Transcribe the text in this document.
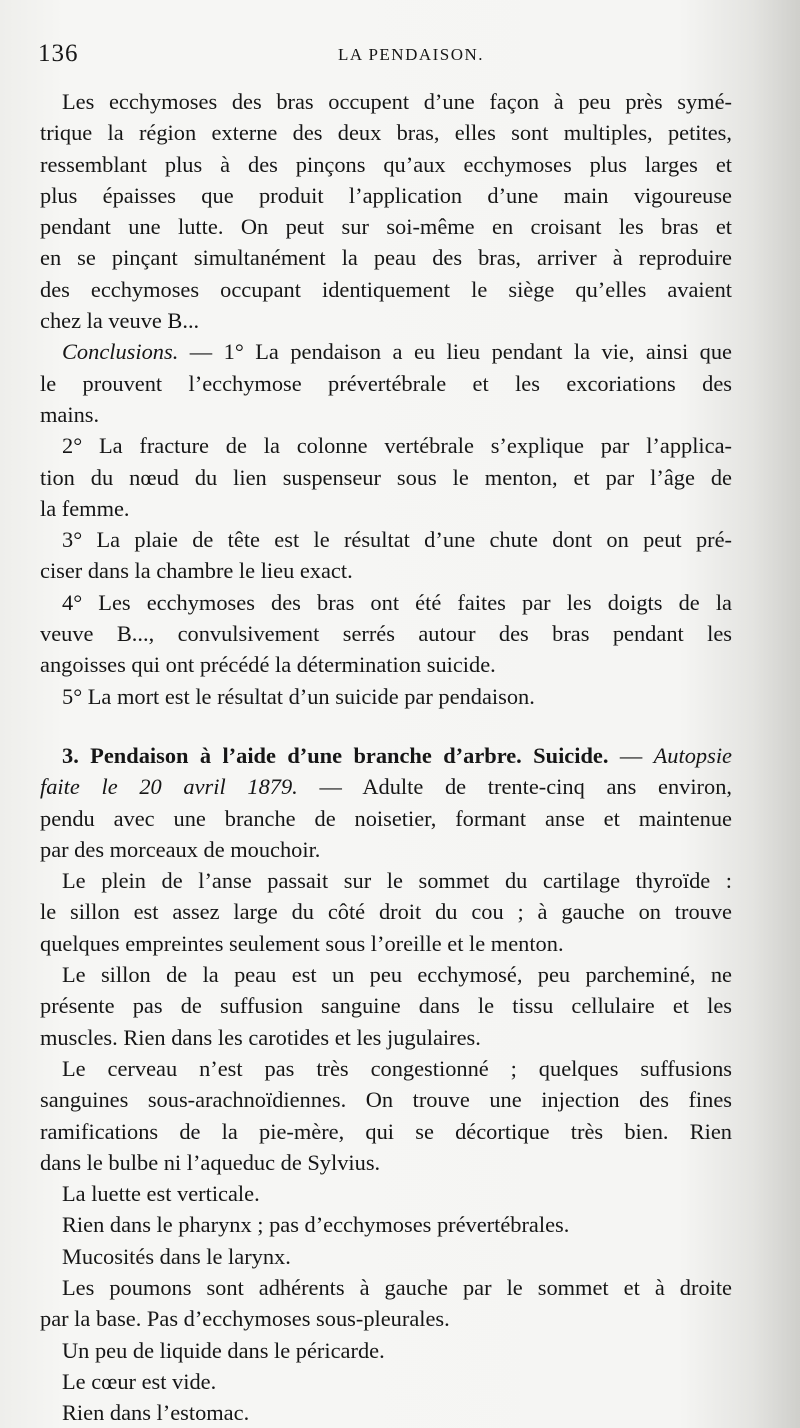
136	LA PENDAISON.
Les ecchymoses des bras occupent d’une façon à peu près symé-
trique la région externe des deux bras, elles sont multiples, petites,
ressemblant plus à des pinçons qu’aux ecchymoses plus larges et
plus épaisses que produit l’application d’une main vigoureuse
pendant une lutte. On peut sur soi-même en croisant les bras et
en se pinçant simultanément la peau des bras, arriver à reproduire
des ecchymoses occupant identiquement le siège qu’elles avaient
chez la veuve B...
Conclusions. — 1° La pendaison a eu lieu pendant la vie, ainsi que
le prouvent l’ecchymose prévertébrale et les excoriations des
mains.
2° La fracture de la colonne vertébrale s’explique par l’applica-
tion du nœud du lien suspenseur sous le menton, et par l’âge de
la femme.
3° La plaie de tête est le résultat d’une chute dont on peut pré-
ciser dans la chambre le lieu exact.
4° Les ecchymoses des bras ont été faites par les doigts de la
veuve B..., convulsivement serrés autour des bras pendant les
angoisses qui ont précédé la détermination suicide.
5° La mort est le résultat d’un suicide par pendaison.
3. Pendaison à l’aide d’une branche d’arbre. Suicide. — Autopsie
faite le 20 avril 1879. — Adulte de trente-cinq ans environ,
pendu avec une branche de noisetier, formant anse et maintenue
par des morceaux de mouchoir.
Le plein de l’anse passait sur le sommet du cartilage thyroïde :
le sillon est assez large du côté droit du cou ; à gauche on trouve
quelques empreintes seulement sous l’oreille et le menton.
Le sillon de la peau est un peu ecchymosé, peu parcheminé, ne
présente pas de suffusion sanguine dans le tissu cellulaire et les
muscles. Rien dans les carotides et les jugulaires.
Le cerveau n’est pas très congestionné ; quelques suffusions
sanguines sous-arachnoïdiennes. On trouve une injection des fines
ramifications de la pie-mère, qui se décortique très bien. Rien
dans le bulbe ni l’aqueduc de Sylvius.
La luette est verticale.
Rien dans le pharynx ; pas d’ecchymoses prévertébrales.
Mucosités dans le larynx.
Les poumons sont adhérents à gauche par le sommet et à droite
par la base. Pas d’ecchymoses sous-pleurales.
Un peu de liquide dans le péricarde.
Le cœur est vide.
Rien dans l’estomac.
